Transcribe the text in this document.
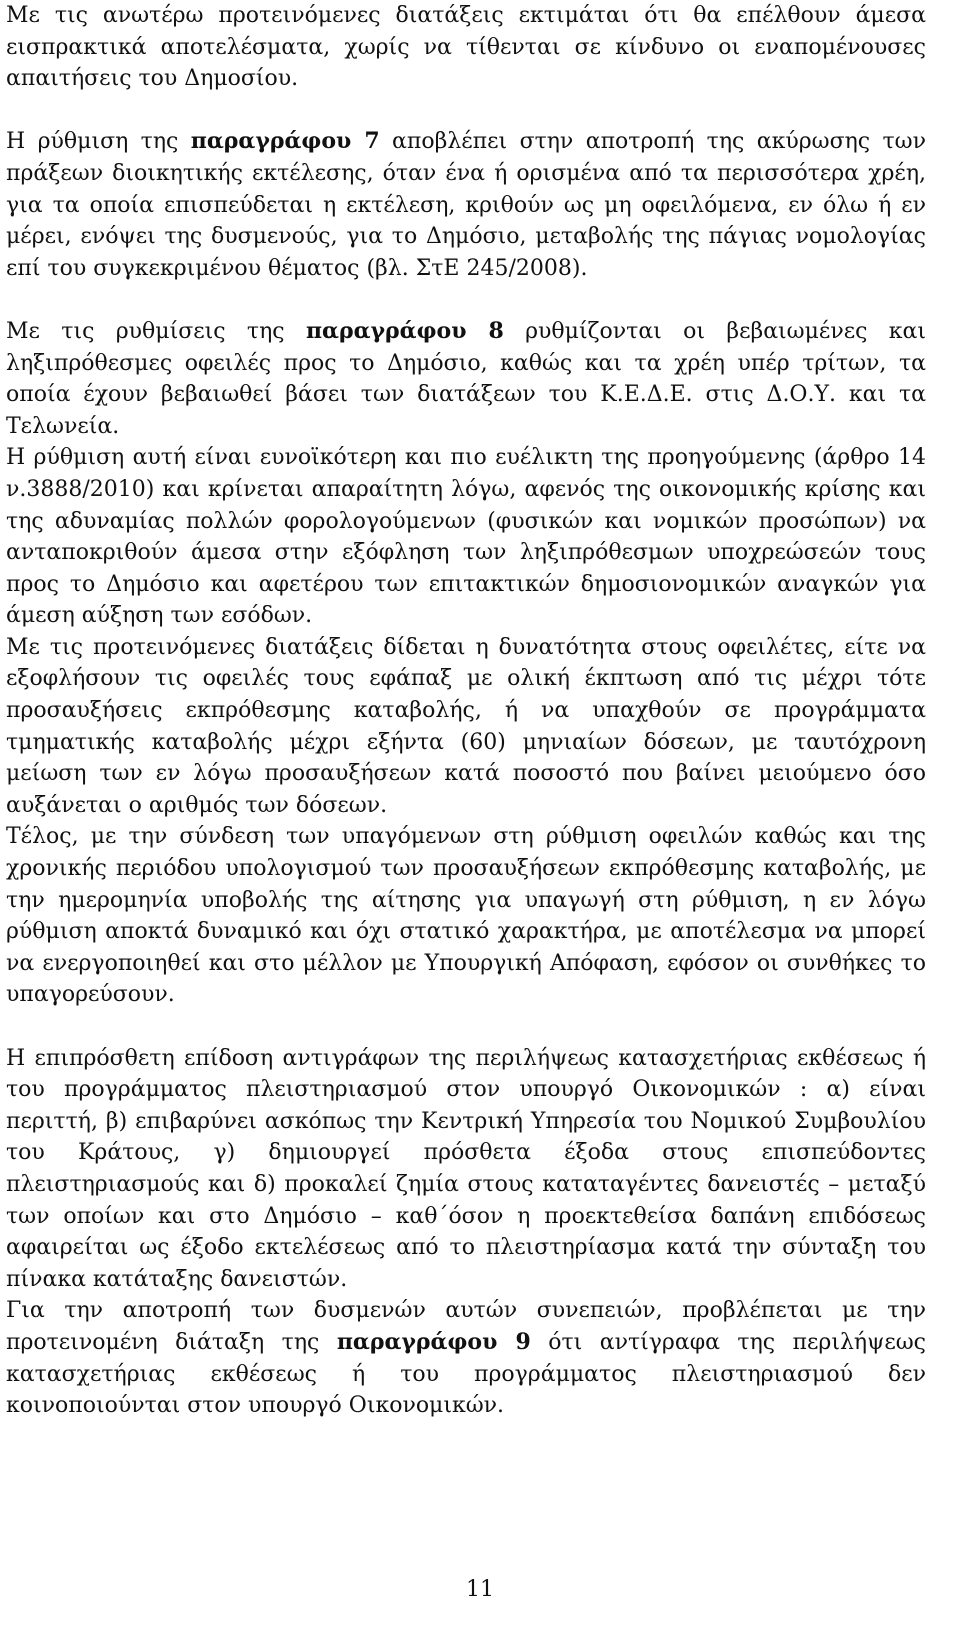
Με τις ανωτέρω προτεινόμενες διατάξεις εκτιμάται ότι θα επέλθουν άμεσα εισπρακτικά αποτελέσματα, χωρίς να τίθενται σε κίνδυνο οι εναπομένουσες απαιτήσεις του Δημοσίου.

Η ρύθμιση της παραγράφου 7 αποβλέπει στην αποτροπή της ακύρωσης των πράξεων διοικητικής εκτέλεσης, όταν ένα ή ορισμένα από τα περισσότερα χρέη, για τα οποία επισπεύδεται η εκτέλεση, κριθούν ως μη οφειλόμενα, εν όλω ή εν μέρει, ενόψει της δυσμενούς, για το Δημόσιο, μεταβολής της πάγιας νομολογίας επί του συγκεκριμένου θέματος (βλ. ΣτΕ 245/2008).

Με τις ρυθμίσεις της παραγράφου 8 ρυθμίζονται οι βεβαιωμένες και ληξιπρόθεσμες οφειλές προς το Δημόσιο, καθώς και τα χρέη υπέρ τρίτων, τα οποία έχουν βεβαιωθεί βάσει των διατάξεων του Κ.Ε.Δ.Ε. στις Δ.Ο.Υ. και τα Τελωνεία.

Η ρύθμιση αυτή είναι ευνοϊκότερη και πιο ευέλικτη της προηγούμενης (άρθρο 14 ν.3888/2010) και κρίνεται απαραίτητη λόγω, αφενός της οικονομικής κρίσης και της αδυναμίας πολλών φορολογούμενων (φυσικών και νομικών προσώπων) να ανταποκριθούν άμεσα στην εξόφληση των ληξιπρόθεσμων υποχρεώσεών τους προς το Δημόσιο και αφετέρου των επιτακτικών δημοσιονομικών αναγκών για άμεση αύξηση των εσόδων.

Με τις προτεινόμενες διατάξεις δίδεται η δυνατότητα στους οφειλέτες, είτε να εξοφλήσουν τις οφειλές τους εφάπαξ με ολική έκπτωση από τις μέχρι τότε προσαυξήσεις εκπρόθεσμης καταβολής, ή να υπαχθούν σε προγράμματα τμηματικής καταβολής μέχρι εξήντα (60) μηνιαίων δόσεων, με ταυτόχρονη μείωση των εν λόγω προσαυξήσεων κατά ποσοστό που βαίνει μειούμενο όσο αυξάνεται ο αριθμός των δόσεων.

Τέλος, με την σύνδεση των υπαγόμενων στη ρύθμιση οφειλών καθώς και της χρονικής περιόδου υπολογισμού των προσαυξήσεων εκπρόθεσμης καταβολής, με την ημερομηνία υποβολής της αίτησης για υπαγωγή στη ρύθμιση, η εν λόγω ρύθμιση αποκτά δυναμικό και όχι στατικό χαρακτήρα, με αποτέλεσμα να μπορεί να ενεργοποιηθεί και στο μέλλον με Υπουργική Απόφαση, εφόσον οι συνθήκες το υπαγορεύσουν.

Η επιπρόσθετη επίδοση αντιγράφων της περιλήψεως κατασχετήριας εκθέσεως ή του προγράμματος πλειστηριασμού στον υπουργό Οικονομικών : α) είναι περιττή, β) επιβαρύνει ασκόπως την Κεντρική Υπηρεσία του Νομικού Συμβουλίου του Κράτους, γ) δημιουργεί πρόσθετα έξοδα στους επισπεύδοντες πλειστηριασμούς και δ) προκαλεί ζημία στους καταταγέντες δανειστές – μεταξύ των οποίων και στο Δημόσιο – καθ΄όσον η προεκτεθείσα δαπάνη επιδόσεως αφαιρείται ως έξοδο εκτελέσεως από το πλειστηρίασμα κατά την σύνταξη του πίνακα κατάταξης δανειστών.

Για την αποτροπή των δυσμενών αυτών συνεπειών, προβλέπεται με την προτεινομένη διάταξη της παραγράφου 9 ότι αντίγραφα της περιλήψεως κατασχετήριας εκθέσεως ή του προγράμματος πλειστηριασμού δεν κοινοποιούνται στον υπουργό Οικονομικών.

11
